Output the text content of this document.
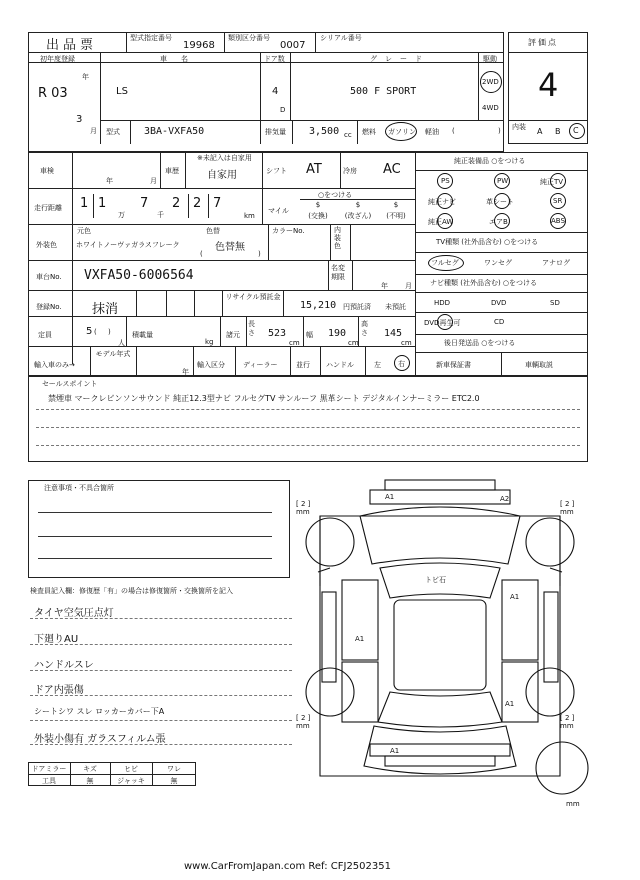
出品票	型式指定番号
19968
類別区分番号
0007
シリアル番号	評価点
4
初年度登録
年
R 03
3
月
車名
LS
ドア数
4
D
グレード
500 F SPORT
駆動
2WD
4WD
型式 3BA-VXFA50	排気量 3,500 cc 燃料 ガソリン 軽油 (	) 内装 A B C
車検
年	月
車歴
※未記入は自家用
自家用	シフト AT	冷房 AC
純正装備品 ○をつける
PS	PW	純正TV
純正ナビ	革シート	SR
純正AW	エアB	ABS
走行距離 1 1
万
7
千
2 2 7
km
○をつける
マイル
$
(交換)
$
(改ざん)
$
(不明)
外装色
元色
ホワイトノーヴァガラスフレーク
色替
色替無
(	)
カラーNo.	内装色	TV種類 (社外品含む) ○をつける
フルセグ	ワンセグ	アナログ
車台No. VXFA50-6006564	名変期限
年 月	ナビ種類 (社外品含む) ○をつける
HDD	DVD	SD
DVD再生可	CD
登録No. 抹消
リサイクル預託金
15,210 円預託済 未預託
定員	5 ( )
人
積載量
kg
諸元
長さ	523
cm
幅 190
cm
高さ	145
cm	後日発送品 ○をつける
新車保証書	車輌取説
輸入車のみ→
モデル年式
年
輸入区分	ディーラー	並行 ハンドル	左 右
セールスポイント
禁煙車 マークレビンソンサウンド 純正12.3型ナビ フルセグTV サンルーフ 黒革シート デジタルインナーミラー ETC2.0
注意事項・不具合箇所
検査員記入欄：修復歴「有」の場合は修復箇所・交換箇所を記入
タイヤ空気圧点灯
下廻りAU
ハンドルスレ
ドア内張傷
シートシワ スレ ロッカーカバー下A
外装小傷有 ガラスフィルム張
ドアミラー	キズ	ヒビ	ワレ
工具	無	ジャッキ	無
A1	A2
トビ石
A1
A1
A1
A1
[ 2 ]
mm
[ 2 ]
mm
[ 2 ]
mm
[ 2 ]
mm
mm
www.CarFromJapan.com Ref: CFJ2502351
